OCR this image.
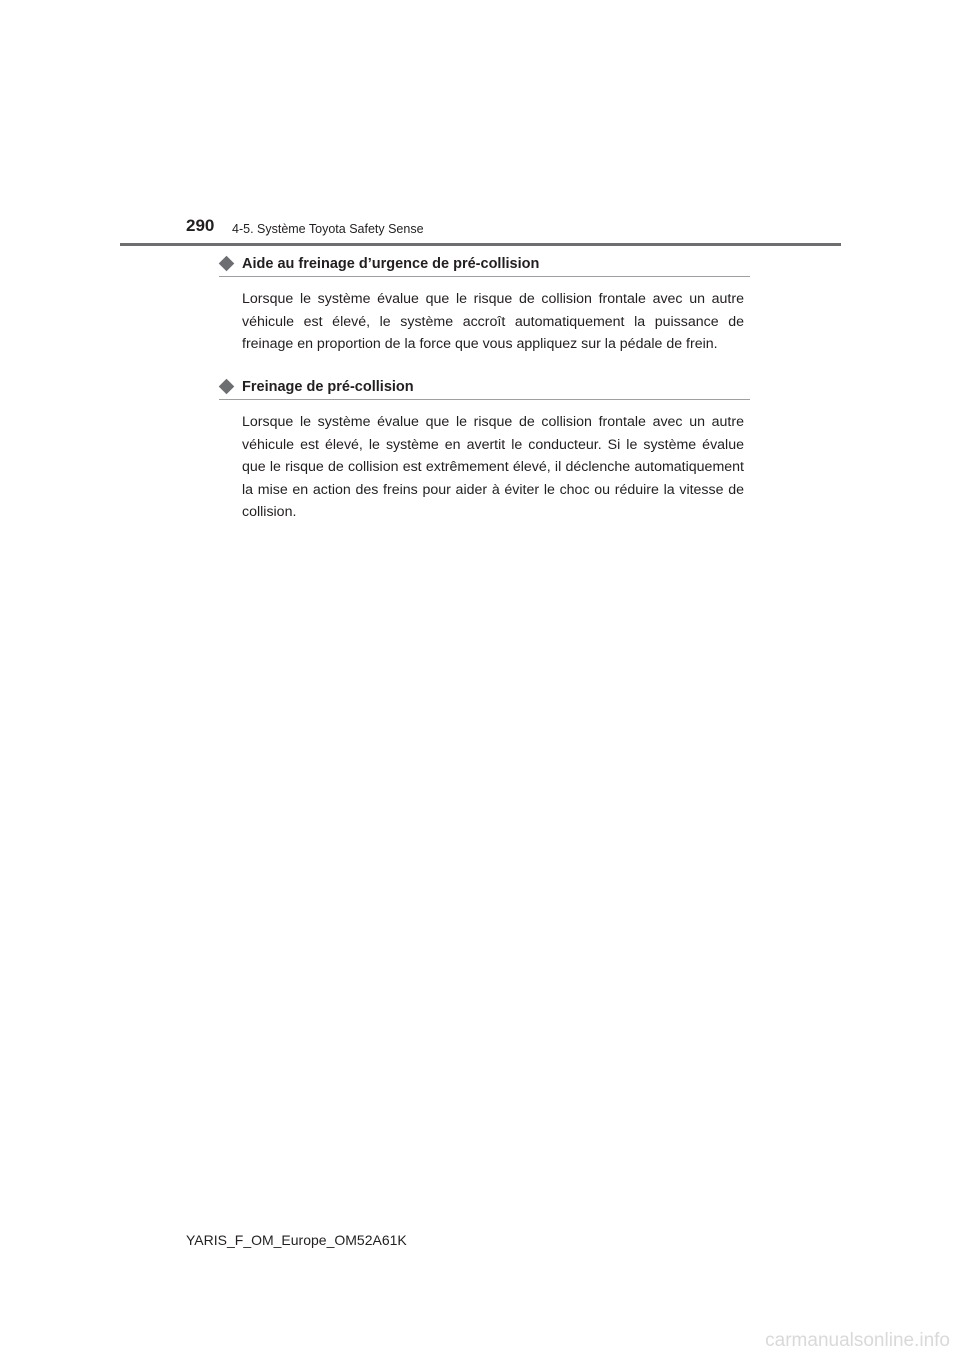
290 4-5. Système Toyota Safety Sense
Aide au freinage d’urgence de pré-collision
Lorsque le système évalue que le risque de collision frontale avec un autre véhicule est élevé, le système accroît automatiquement la puissance de freinage en proportion de la force que vous appliquez sur la pédale de frein.
Freinage de pré-collision
Lorsque le système évalue que le risque de collision frontale avec un autre véhicule est élevé, le système en avertit le conducteur. Si le système évalue que le risque de collision est extrêmement élevé, il déclenche automatiquement la mise en action des freins pour aider à éviter le choc ou réduire la vitesse de collision.
YARIS_F_OM_Europe_OM52A61K
carmanualsonline.info
